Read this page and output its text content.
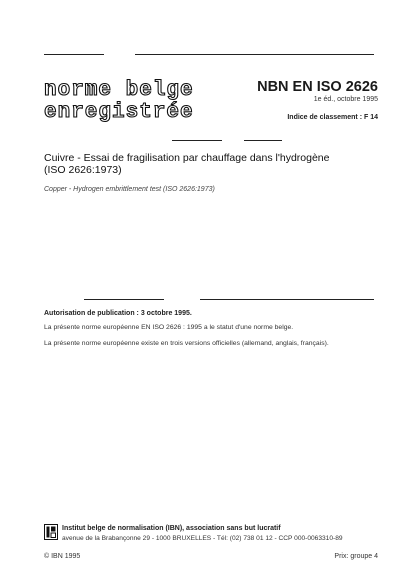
norme belge
enregistrée
NBN EN ISO 2626
1e éd., octobre 1995
Indice de classement : F 14
Cuivre - Essai de fragilisation par chauffage dans l'hydrogène
(ISO 2626:1973)
Copper - Hydrogen embrittlement test (ISO 2626:1973)
Autorisation de publication : 3 octobre 1995.
La présente norme européenne EN ISO 2626 : 1995 a le statut d'une norme belge.
La présente norme européenne existe en trois versions officielles (allemand, anglais, français).
Institut belge de normalisation (IBN), association sans but lucratif
avenue de la Brabançonne 29 - 1000 BRUXELLES - Tél: (02) 738 01 12 - CCP 000-0063310-89
© IBN 1995	Prix: groupe 4
